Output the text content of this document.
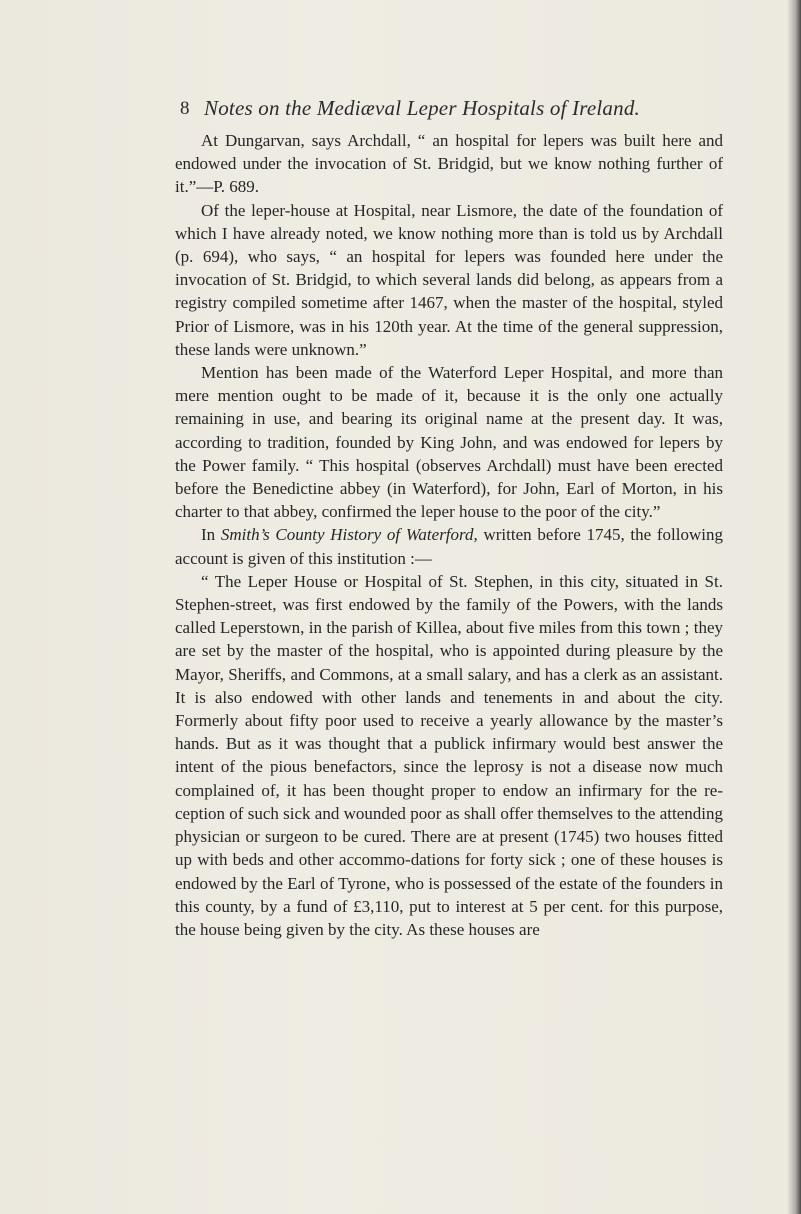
8 Notes on the Mediæval Leper Hospitals of Ireland.

At Dungarvan, says Archdall, “ an hospital for lepers was built here and endowed under the invocation of St. Bridgid, but we know nothing further of it.”—P. 689.

Of the leper-house at Hospital, near Lismore, the date of the foundation of which I have already noted, we know nothing more than is told us by Archdall (p. 694), who says, “ an hospital for lepers was founded here under the invocation of St. Bridgid, to which several lands did belong, as appears from a registry compiled sometime after 1467, when the master of the hospital, styled Prior of Lismore, was in his 120th year. At the time of the general suppression, these lands were unknown.”

Mention has been made of the Waterford Leper Hospital, and more than mere mention ought to be made of it, because it is the only one actually remaining in use, and bearing its original name at the present day. It was, according to tradition, founded by King John, and was endowed for lepers by the Power family. “ This hospital (observes Archdall) must have been erected before the Benedictine abbey (in Waterford), for John, Earl of Morton, in his charter to that abbey, confirmed the leper house to the poor of the city.”

In Smith’s County History of Waterford, written before 1745, the following account is given of this institution :—

“ The Leper House or Hospital of St. Stephen, in this city, situated in St. Stephen-street, was first endowed by the family of the Powers, with the lands called Leperstown, in the parish of Killea, about five miles from this town ; they are set by the master of the hospital, who is appointed during pleasure by the Mayor, Sheriffs, and Commons, at a small salary, and has a clerk as an assistant. It is also endowed with other lands and tenements in and about the city. Formerly about fifty poor used to receive a yearly allowance by the master’s hands. But as it was thought that a publick infirmary would best answer the intent of the pious benefactors, since the leprosy is not a disease now much complained of, it has been thought proper to endow an infirmary for the re-ception of such sick and wounded poor as shall offer themselves to the attending physician or surgeon to be cured. There are at present (1745) two houses fitted up with beds and other accommo-dations for forty sick ; one of these houses is endowed by the Earl of Tyrone, who is possessed of the estate of the founders in this county, by a fund of £3,110, put to interest at 5 per cent. for this purpose, the house being given by the city. As these houses are
